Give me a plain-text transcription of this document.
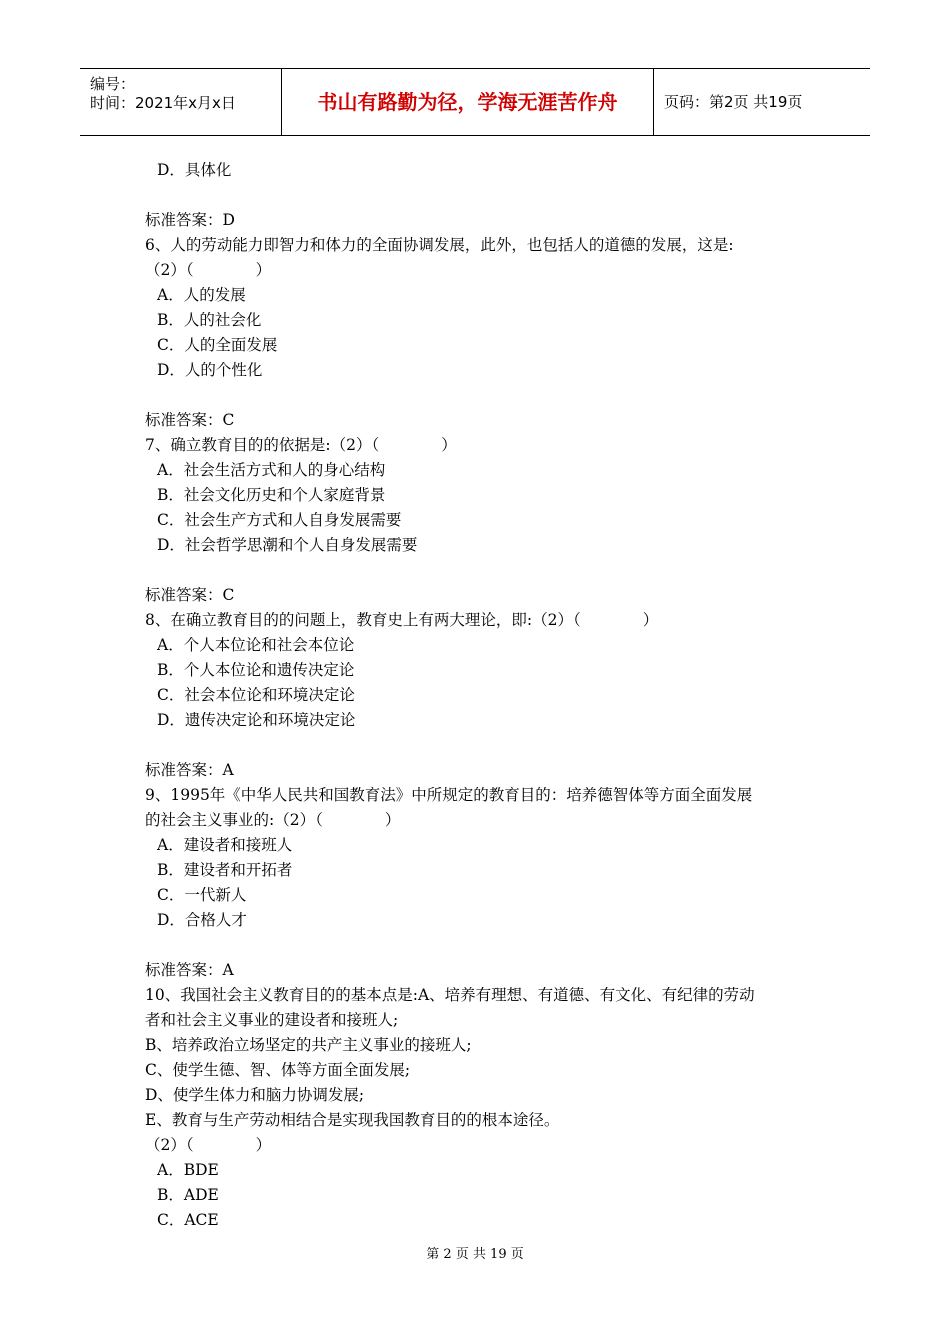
编号：
时间：2021年x月x日	书山有路勤为径，学海无涯苦作舟	页码：第2页 共19页
D．具体化
标准答案：D
6、人的劳动能力即智力和体力的全面协调发展，此外，也包括人的道德的发展，这是:
（2）（　　　　）
A．人的发展
B．人的社会化
C．人的全面发展
D．人的个性化
标准答案：C
7、确立教育目的的依据是:（2）（　　　　）
A．社会生活方式和人的身心结构
B．社会文化历史和个人家庭背景
C．社会生产方式和人自身发展需要
D．社会哲学思潮和个人自身发展需要
标准答案：C
8、在确立教育目的的问题上，教育史上有两大理论，即:（2）（　　　　）
A．个人本位论和社会本位论
B．个人本位论和遗传决定论
C．社会本位论和环境决定论
D．遗传决定论和环境决定论
标准答案：A
9、1995年《中华人民共和国教育法》中所规定的教育目的：培养德智体等方面全面发展
的社会主义事业的:（2）（　　　　）
A．建设者和接班人
B．建设者和开拓者
C．一代新人
D．合格人才
标准答案：A
10、我国社会主义教育目的的基本点是:A、培养有理想、有道德、有文化、有纪律的劳动
者和社会主义事业的建设者和接班人;
B、培养政治立场坚定的共产主义事业的接班人;
C、使学生德、智、体等方面全面发展;
D、使学生体力和脑力协调发展;
E、教育与生产劳动相结合是实现我国教育目的的根本途径。
（2）（　　　　）
A．BDE
B．ADE
C．ACE
第 2 页 共 19 页
